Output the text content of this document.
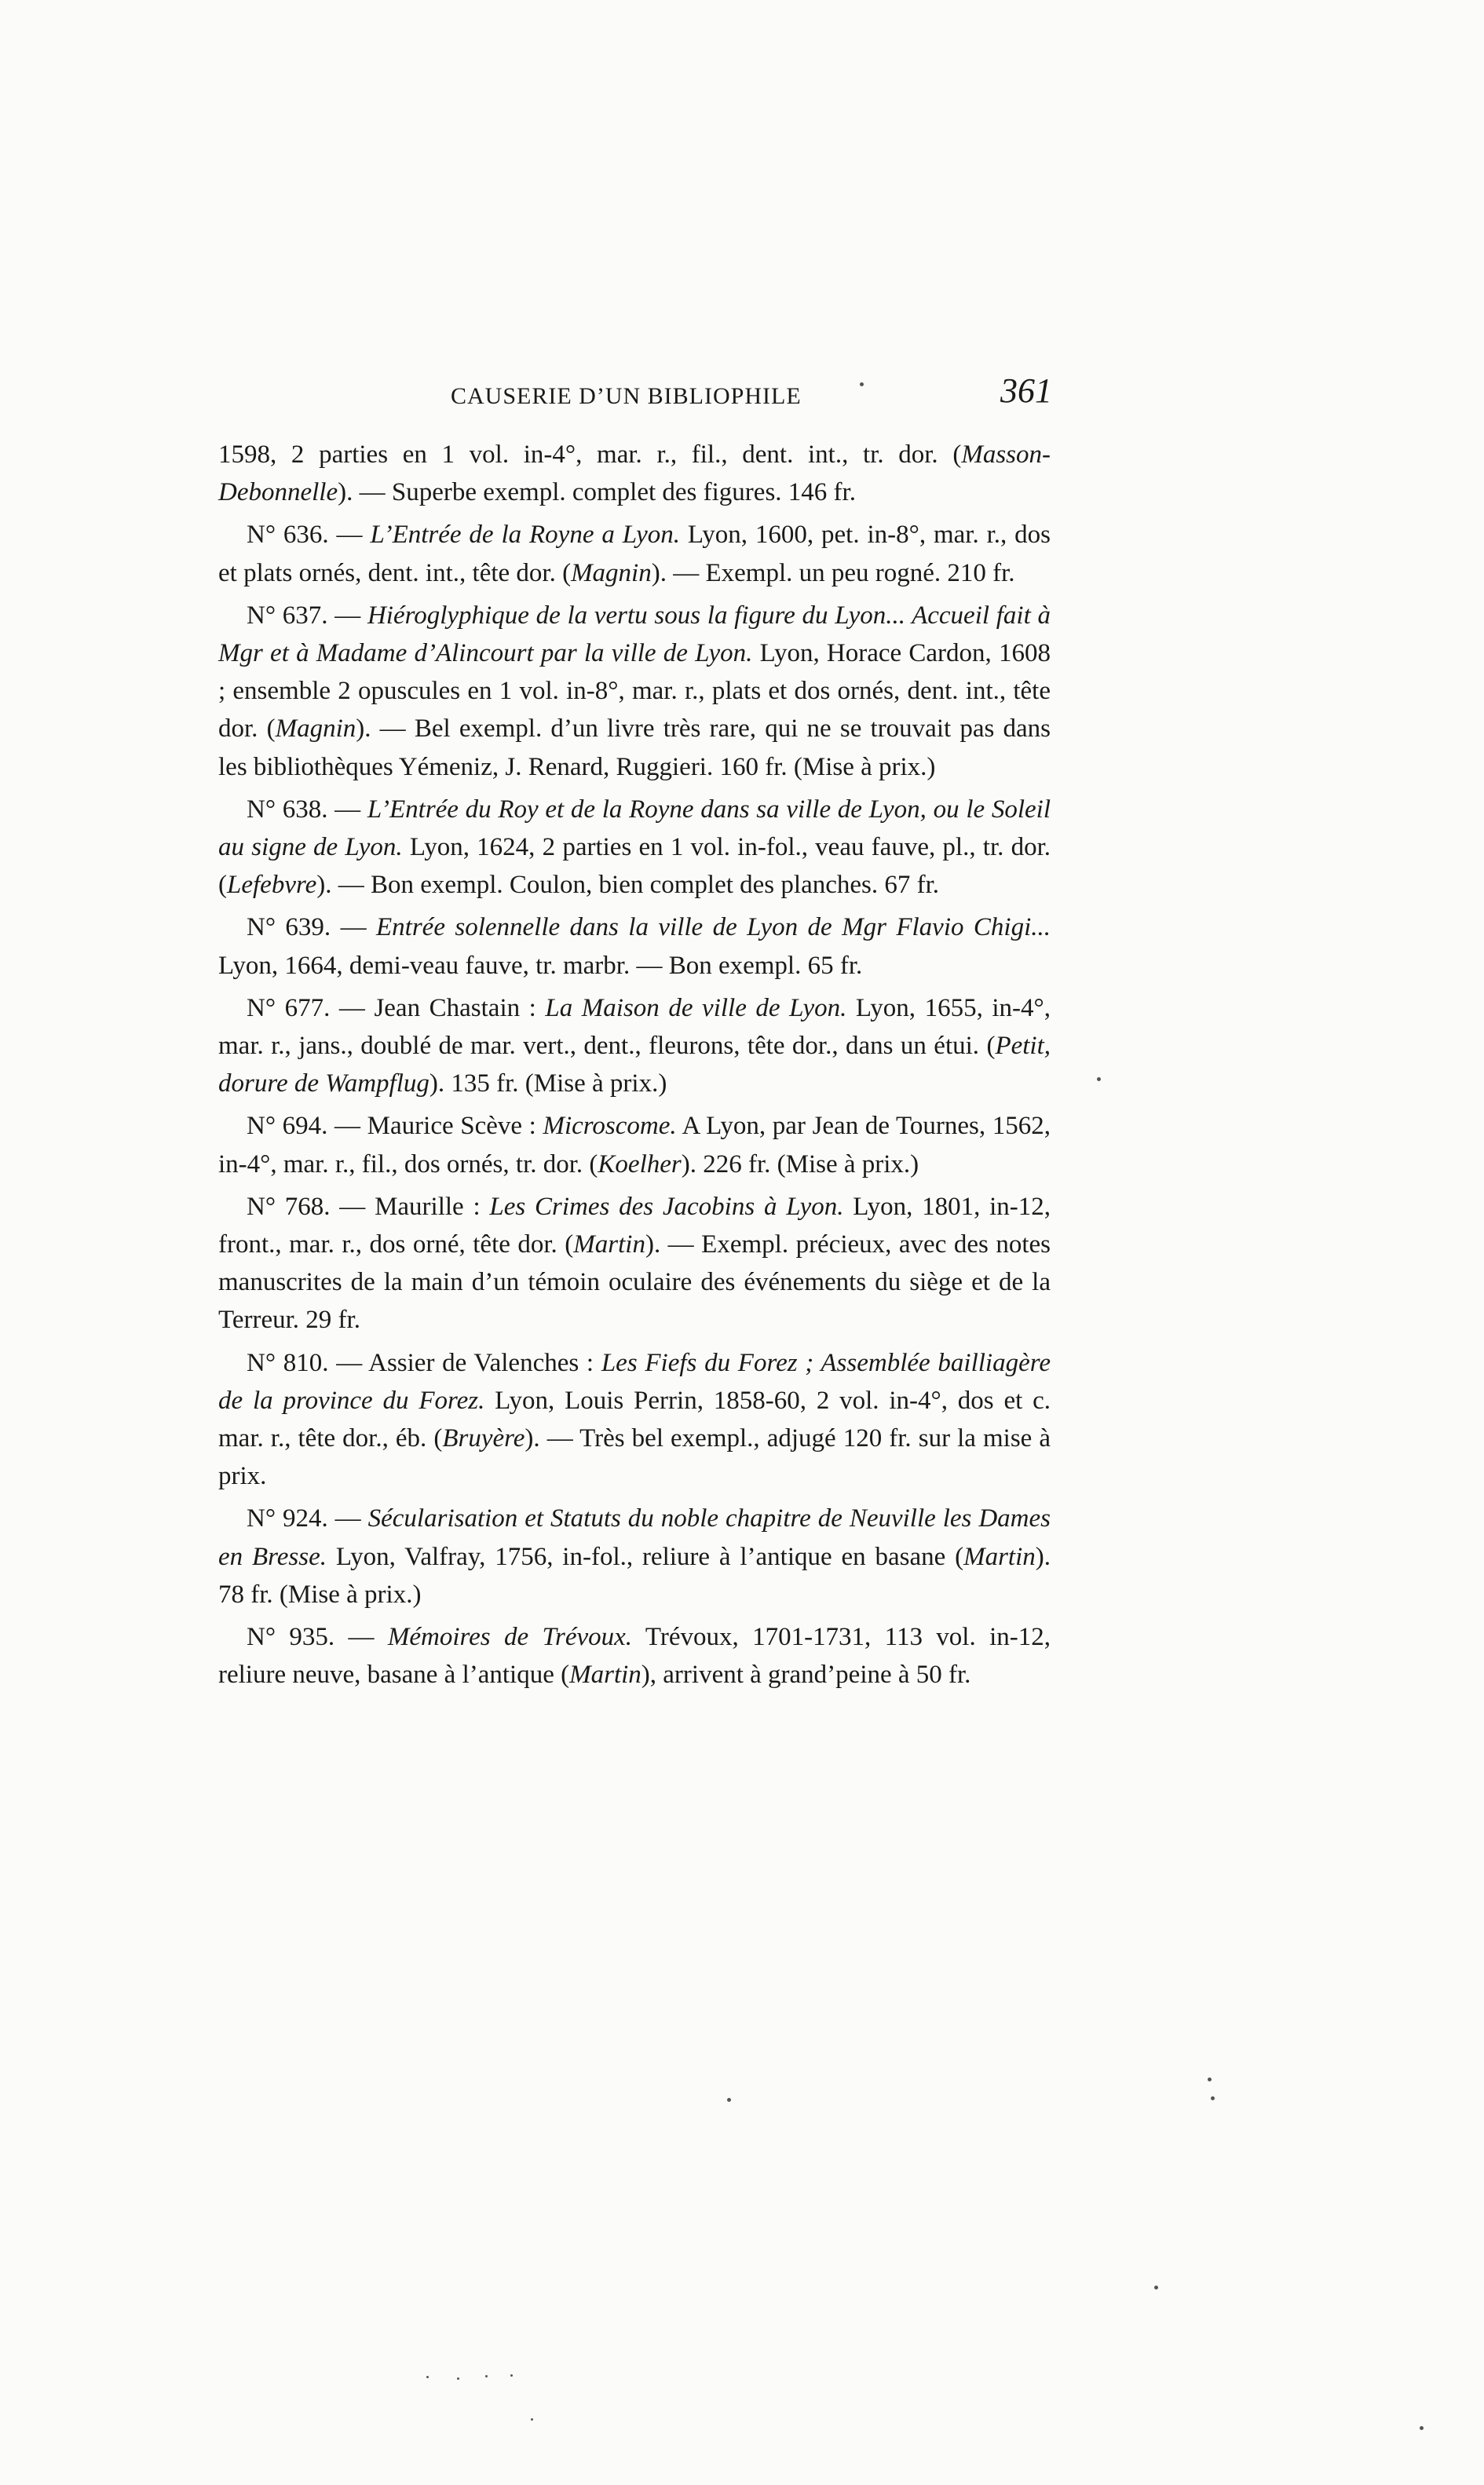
CAUSERIE D’UN BIBLIOPHILE	361

1598, 2 parties en 1 vol. in-4°, mar. r., fil., dent. int., tr. dor. (Masson-Debonnelle). — Superbe exempl. complet des figures. 146 fr.

N° 636. — L’Entrée de la Royne a Lyon. Lyon, 1600, pet. in-8°, mar. r., dos et plats ornés, dent. int., tête dor. (Magnin). — Exempl. un peu rogné. 210 fr.

N° 637. — Hiéroglyphique de la vertu sous la figure du Lyon... Accueil fait à Mgr et à Madame d’Alincourt par la ville de Lyon. Lyon, Horace Cardon, 1608 ; ensemble 2 opuscules en 1 vol. in-8°, mar. r., plats et dos ornés, dent. int., tête dor. (Magnin). — Bel exempl. d’un livre très rare, qui ne se trouvait pas dans les bibliothèques Yémeniz, J. Renard, Ruggieri. 160 fr. (Mise à prix.)

N° 638. — L’Entrée du Roy et de la Royne dans sa ville de Lyon, ou le Soleil au signe de Lyon. Lyon, 1624, 2 parties en 1 vol. in-fol., veau fauve, pl., tr. dor. (Lefebvre). — Bon exempl. Coulon, bien complet des planches. 67 fr.

N° 639. — Entrée solennelle dans la ville de Lyon de Mgr Flavio Chigi... Lyon, 1664, demi-veau fauve, tr. marbr. — Bon exempl. 65 fr.

N° 677. — Jean Chastain : La Maison de ville de Lyon. Lyon, 1655, in-4°, mar. r., jans., doublé de mar. vert., dent., fleurons, tête dor., dans un étui. (Petit, dorure de Wampflug). 135 fr. (Mise à prix.)

N° 694. — Maurice Scève : Microscome. A Lyon, par Jean de Tournes, 1562, in-4°, mar. r., fil., dos ornés, tr. dor. (Koelher). 226 fr. (Mise à prix.)

N° 768. — Maurille : Les Crimes des Jacobins à Lyon. Lyon, 1801, in-12, front., mar. r., dos orné, tête dor. (Martin). — Exempl. précieux, avec des notes manuscrites de la main d’un témoin oculaire des événements du siège et de la Terreur. 29 fr.

N° 810. — Assier de Valenches : Les Fiefs du Forez ; Assemblée bailliagère de la province du Forez. Lyon, Louis Perrin, 1858-60, 2 vol. in-4°, dos et c. mar. r., tête dor., éb. (Bruyère). — Très bel exempl., adjugé 120 fr. sur la mise à prix.

N° 924. — Sécularisation et Statuts du noble chapitre de Neuville les Dames en Bresse. Lyon, Valfray, 1756, in-fol., reliure à l’antique en basane (Martin). 78 fr. (Mise à prix.)

N° 935. — Mémoires de Trévoux. Trévoux, 1701-1731, 113 vol. in-12, reliure neuve, basane à l’antique (Martin), arrivent à grand’peine à 50 fr.
